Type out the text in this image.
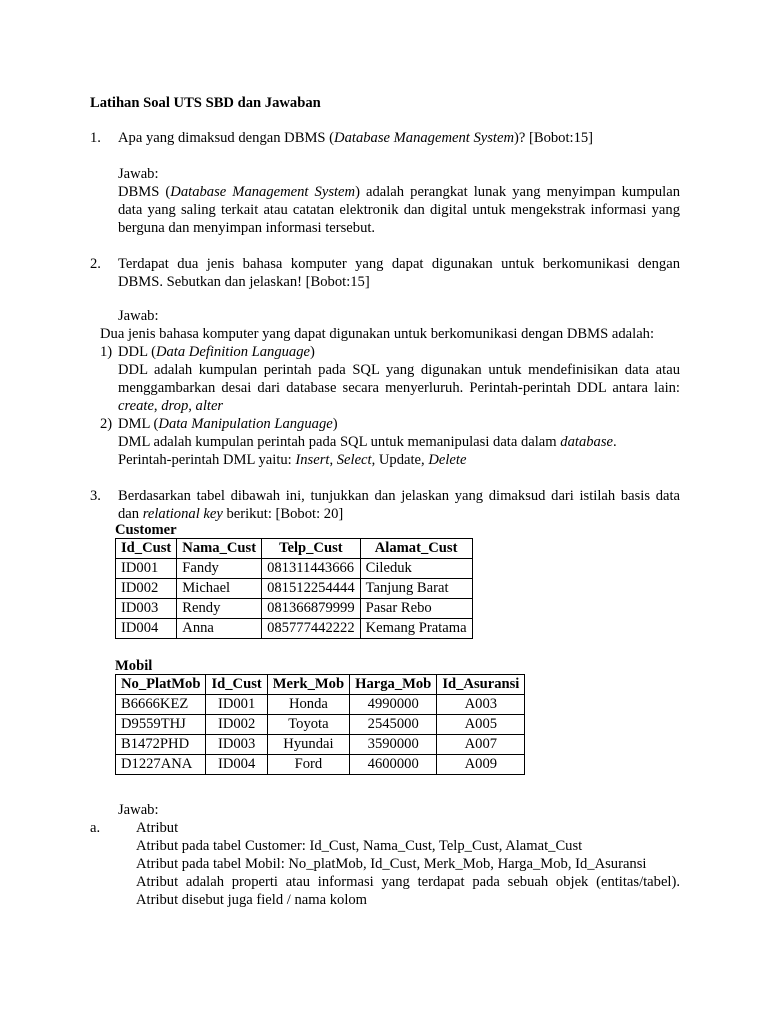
Latihan Soal UTS SBD dan Jawaban
1. Apa yang dimaksud dengan DBMS (Database Management System)? [Bobot:15]

Jawab:

DBMS (Database Management System) adalah perangkat lunak yang menyimpan kumpulan data yang saling terkait atau catatan elektronik dan digital untuk mengekstrak informasi yang berguna dan menyimpan informasi tersebut.

2. Terdapat dua jenis bahasa komputer yang dapat digunakan untuk berkomunikasi dengan DBMS. Sebutkan dan jelaskan! [Bobot:15]

Jawab:

Dua jenis bahasa komputer yang dapat digunakan untuk berkomunikasi dengan DBMS adalah:

1) DDL (Data Definition Language)

DDL adalah kumpulan perintah pada SQL yang digunakan untuk mendefinisikan data atau menggambarkan desai dari database secara menyerluruh. Perintah-perintah DDL antara lain: create, drop, alter

2) DML (Data Manipulation Language)

DML adalah kumpulan perintah pada SQL untuk memanipulasi data dalam database.

Perintah-perintah DML yaitu: Insert, Select, Update, Delete

3. Berdasarkan tabel dibawah ini, tunjukkan dan jelaskan yang dimaksud dari istilah basis data dan relational key berikut: [Bobot: 20]

Customer
Id_Cust	Nama_Cust	Telp_Cust	Alamat_Cust
ID001	Fandy	081311443666	Cileduk
ID002	Michael	081512254444	Tanjung Barat
ID003	Rendy	081366879999	Pasar Rebo
ID004	Anna	085777442222	Kemang Pratama
Mobil
No_PlatMob	Id_Cust	Merk_Mob	Harga_Mob	Id_Asuransi
B6666KEZ	ID001	Honda	4990000	A003
D9559THJ	ID002	Toyota	2545000	A005
B1472PHD	ID003	Hyundai	3590000	A007
D1227ANA	ID004	Ford	4600000	A009

Jawab:

a. Atribut

Atribut pada tabel Customer: Id_Cust, Nama_Cust, Telp_Cust, Alamat_Cust

Atribut pada tabel Mobil: No_platMob, Id_Cust, Merk_Mob, Harga_Mob, Id_Asuransi

Atribut adalah properti atau informasi yang terdapat pada sebuah objek (entitas/tabel). Atribut disebut juga field / nama kolom
